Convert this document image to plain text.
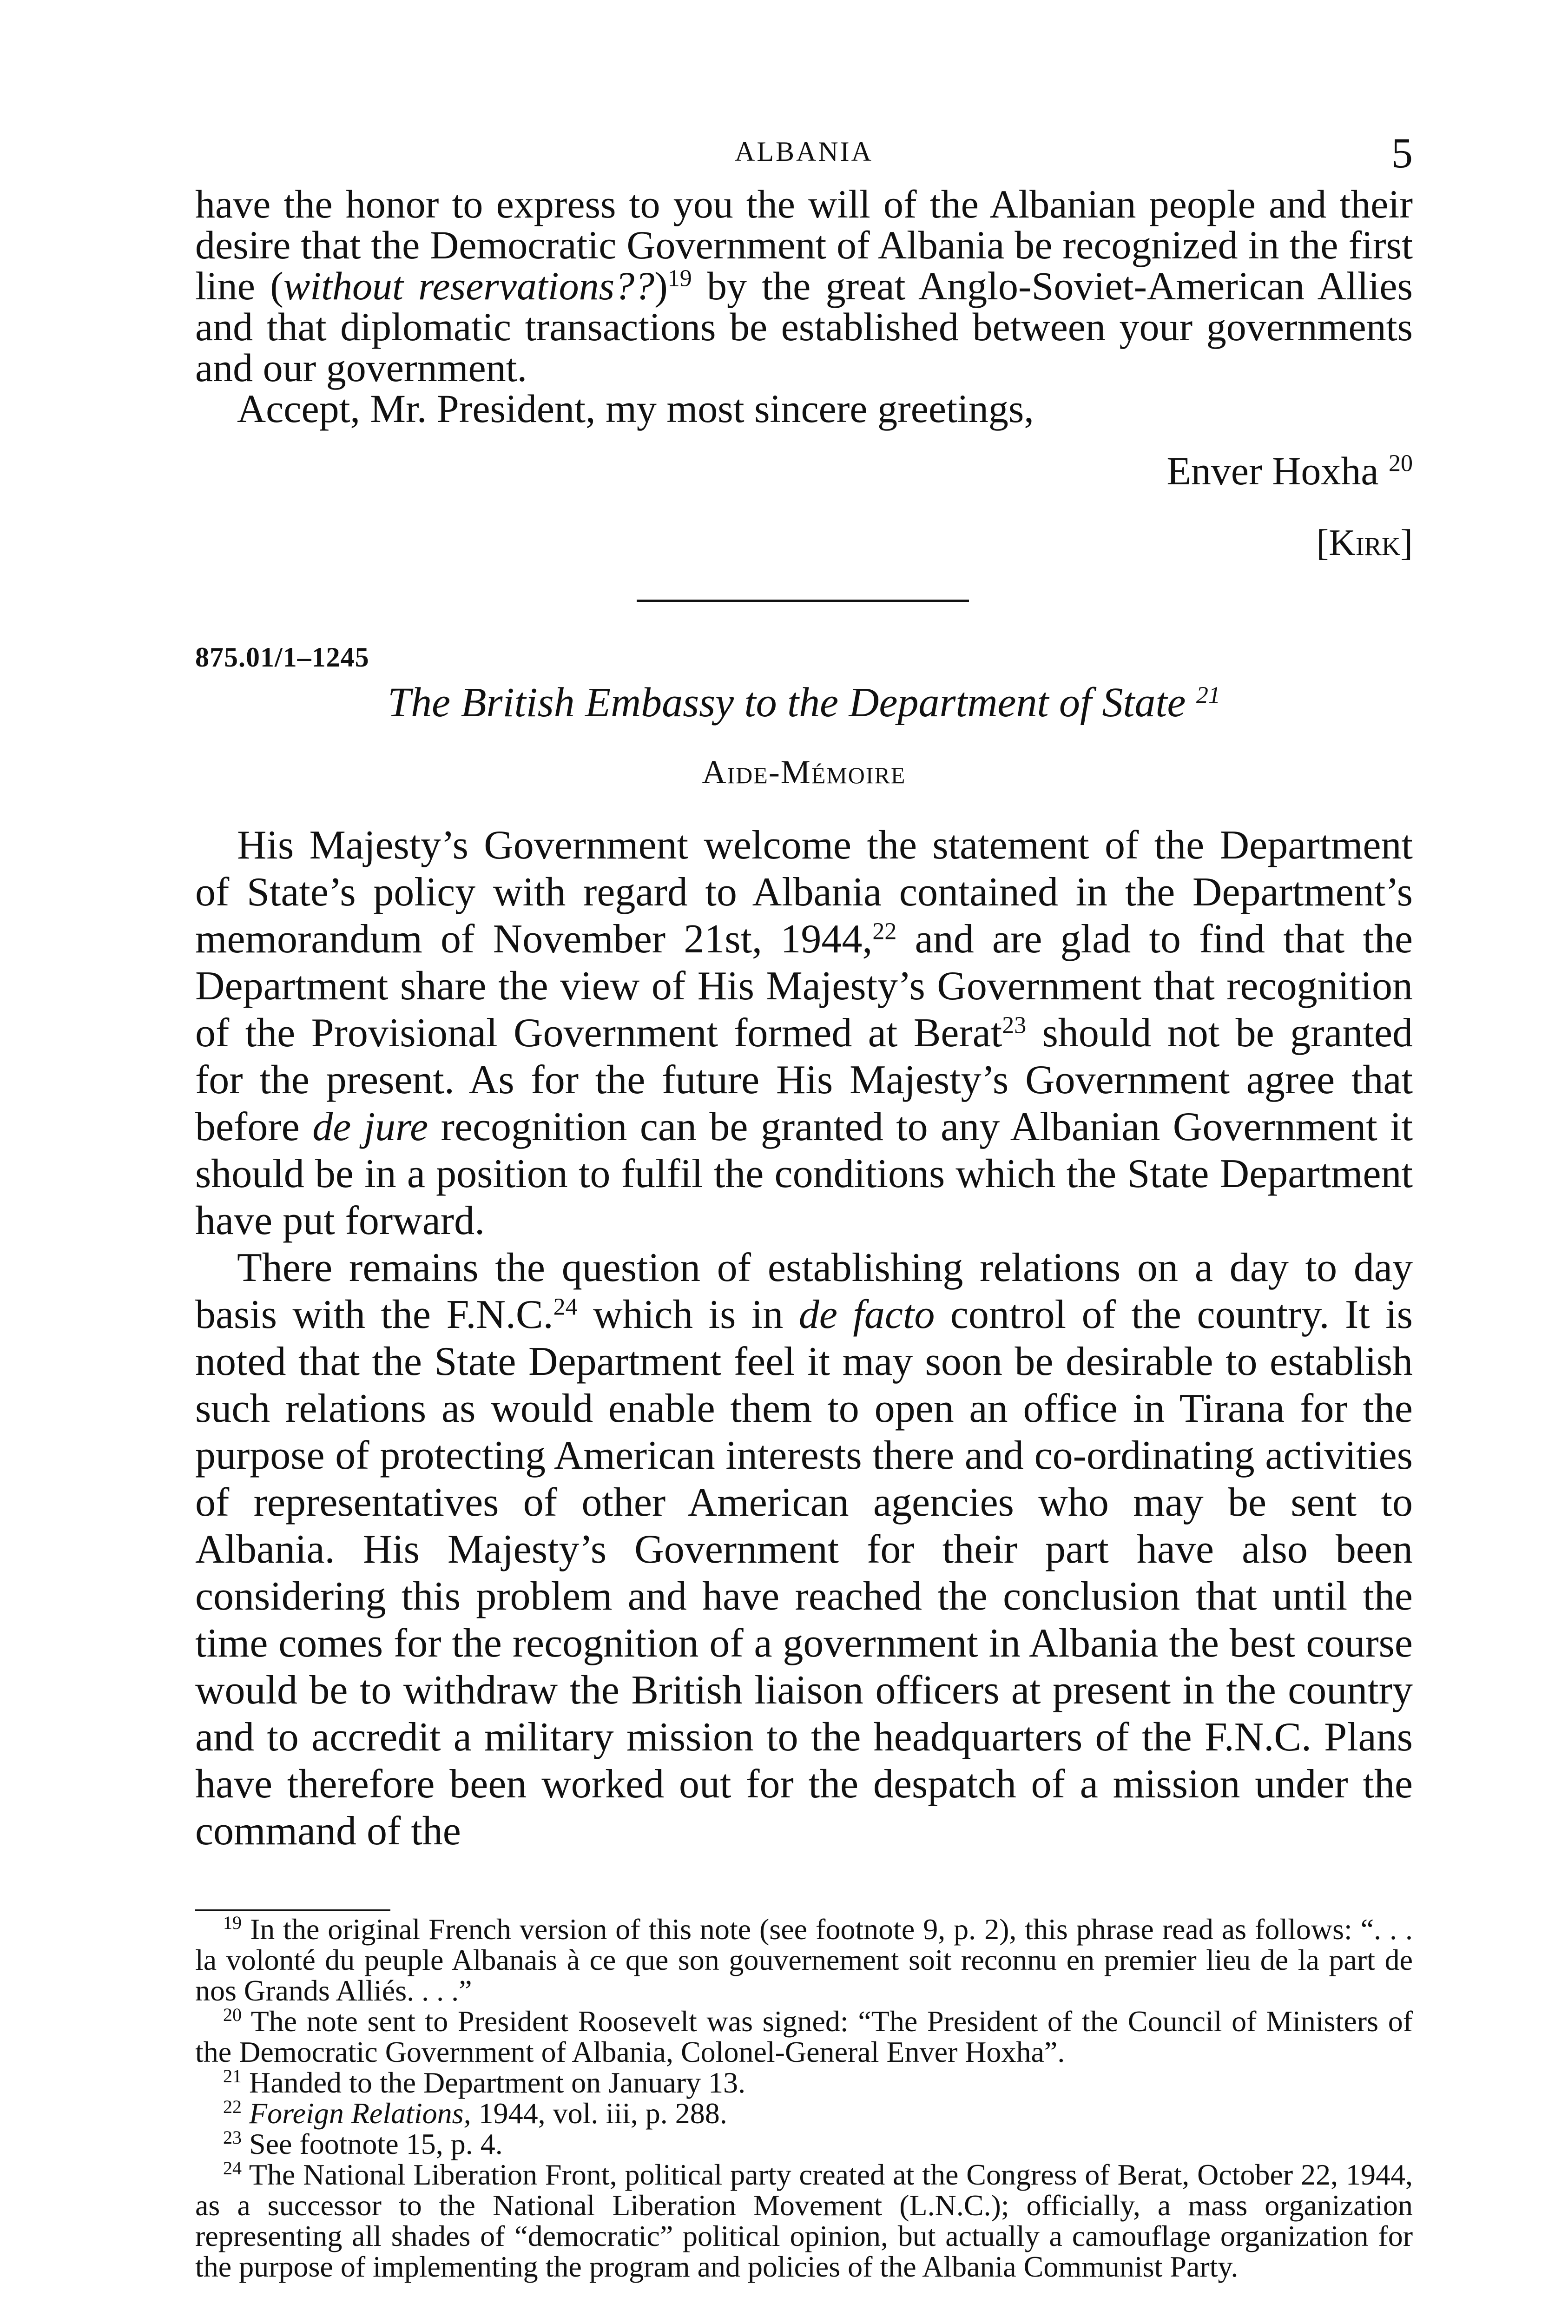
ALBANIA	5

have the honor to express to you the will of the Albanian people and their desire that the Democratic Government of Albania be recognized in the first line (without reservations??)$^{19}$ by the great Anglo-Soviet-American Allies and that diplomatic transactions be established between your governments and our government.

Accept, Mr. President, my most sincere greetings,

Enver Hoxha $^{20}$
[Kirk]
875.01/1–1245
The British Embassy to the Department of State $^{21}$
Aide-Mémoire

His Majesty’s Government welcome the statement of the Department of State’s policy with regard to Albania contained in the Department’s memorandum of November 21st, 1944,22 and are glad to find that the Department share the view of His Majesty’s Government that recognition of the Provisional Government formed at Berat$^{23}$ should not be granted for the present. As for the future His Majesty’s Government agree that before de jure recognition can be granted to any Albanian Government it should be in a position to fulfil the conditions which the State Department have put forward.

There remains the question of establishing relations on a day to day basis with the F.N.C.$^{24}$ which is in de facto control of the country. It is noted that the State Department feel it may soon be desirable to establish such relations as would enable them to open an office in Tirana for the purpose of protecting American interests there and co-ordinating activities of representatives of other American agencies who may be sent to Albania. His Majesty’s Government for their part have also been considering this problem and have reached the conclusion that until the time comes for the recognition of a government in Albania the best course would be to withdraw the British liaison officers at present in the country and to accredit a military mission to the headquarters of the F.N.C. Plans have therefore been worked out for the despatch of a mission under the command of the

$^{19}$ In the original French version of this note (see footnote 9, p. 2), this phrase read as follows: “. . . la volonté du peuple Albanais à ce que son gouvernement soit reconnu en premier lieu de la part de nos Grands Alliés. . . .”

$^{20}$ The note sent to President Roosevelt was signed: “The President of the Council of Ministers of the Democratic Government of Albania, Colonel-General Enver Hoxha”.

$^{21}$ Handed to the Department on January 13.

$^{22}$ Foreign Relations, 1944, vol. iii, p. 288.

$^{23}$ See footnote 15, p. 4.

$^{24}$ The National Liberation Front, political party created at the Congress of Berat, October 22, 1944, as a successor to the National Liberation Movement (L.N.C.); officially, a mass organization representing all shades of “democratic” political opinion, but actually a camouflage organization for the purpose of implementing the program and policies of the Albania Communist Party.
